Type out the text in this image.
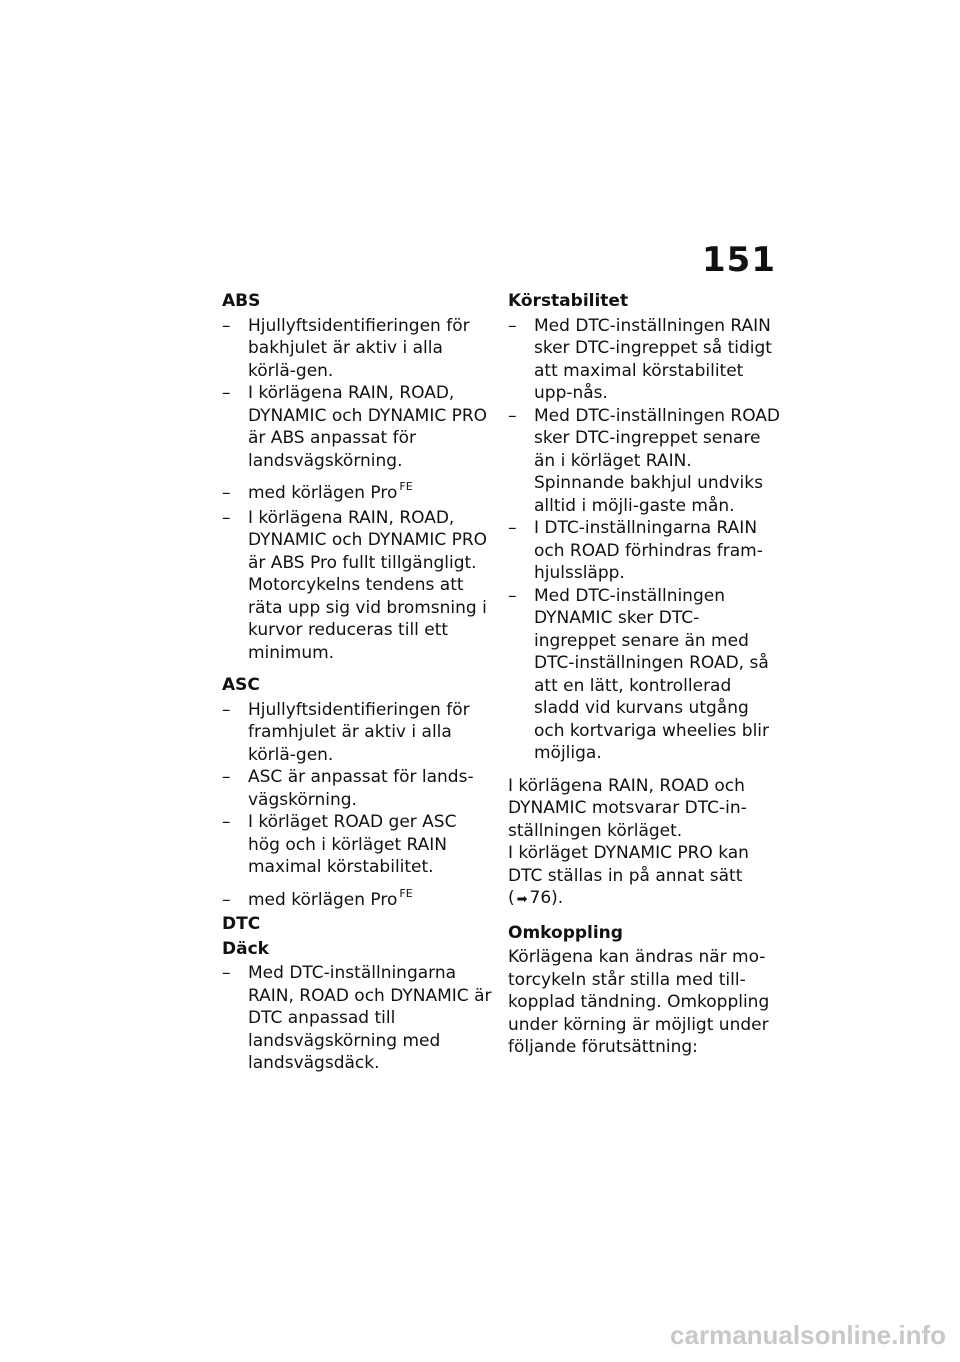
151
ABS
– Hjullyftsidentifieringen för bakhjulet är aktiv i alla körlä-gen.
– I körlägena RAIN, ROAD, DYNAMIC och DYNAMIC PRO är ABS anpassat för landsvägskörning.
– med körlägen Pro $^{FE}$
– I körlägena RAIN, ROAD, DYNAMIC och DYNAMIC PRO är ABS Pro fullt tillgängligt. Motorcykelns tendens att räta upp sig vid bromsning i kurvor reduceras till ett minimum.
ASC
– Hjullyftsidentifieringen för framhjulet är aktiv i alla körlä-gen.
– ASC är anpassat för lands-vägskörning.
– I körläget ROAD ger ASC hög och i körläget RAIN maximal körstabilitet.
– med körlägen Pro $^{FE}$
DTC
Däck
– Med DTC-inställningarna RAIN, ROAD och DYNAMIC är DTC anpassad till landsvägskörning med landsvägsdäck.
Körstabilitet
– Med DTC-inställningen RAIN sker DTC-ingreppet så tidigt att maximal körstabilitet upp-nås.
– Med DTC-inställningen ROAD sker DTC-ingreppet senare än i körläget RAIN. Spinnande bakhjul undviks alltid i möjli-gaste mån.
– I DTC-inställningarna RAIN och ROAD förhindras fram-hjulssläpp.
– Med DTC-inställningen DYNAMIC sker DTC-ingreppet senare än med DTC-inställningen ROAD, så att en lätt, kontrollerad sladd vid kurvans utgång och kortvariga wheelies blir möjliga.

I körlägena RAIN, ROAD och DYNAMIC motsvarar DTC-in-ställningen körläget.

I körläget DYNAMIC PRO kan DTC ställas in på annat sätt
( ➡ 76).

Omkoppling

Körlägena kan ändras när mo-torcykeln står stilla med till-kopplad tändning. Omkoppling under körning är möjligt under följande förutsättning:

carmanualsonline.info
